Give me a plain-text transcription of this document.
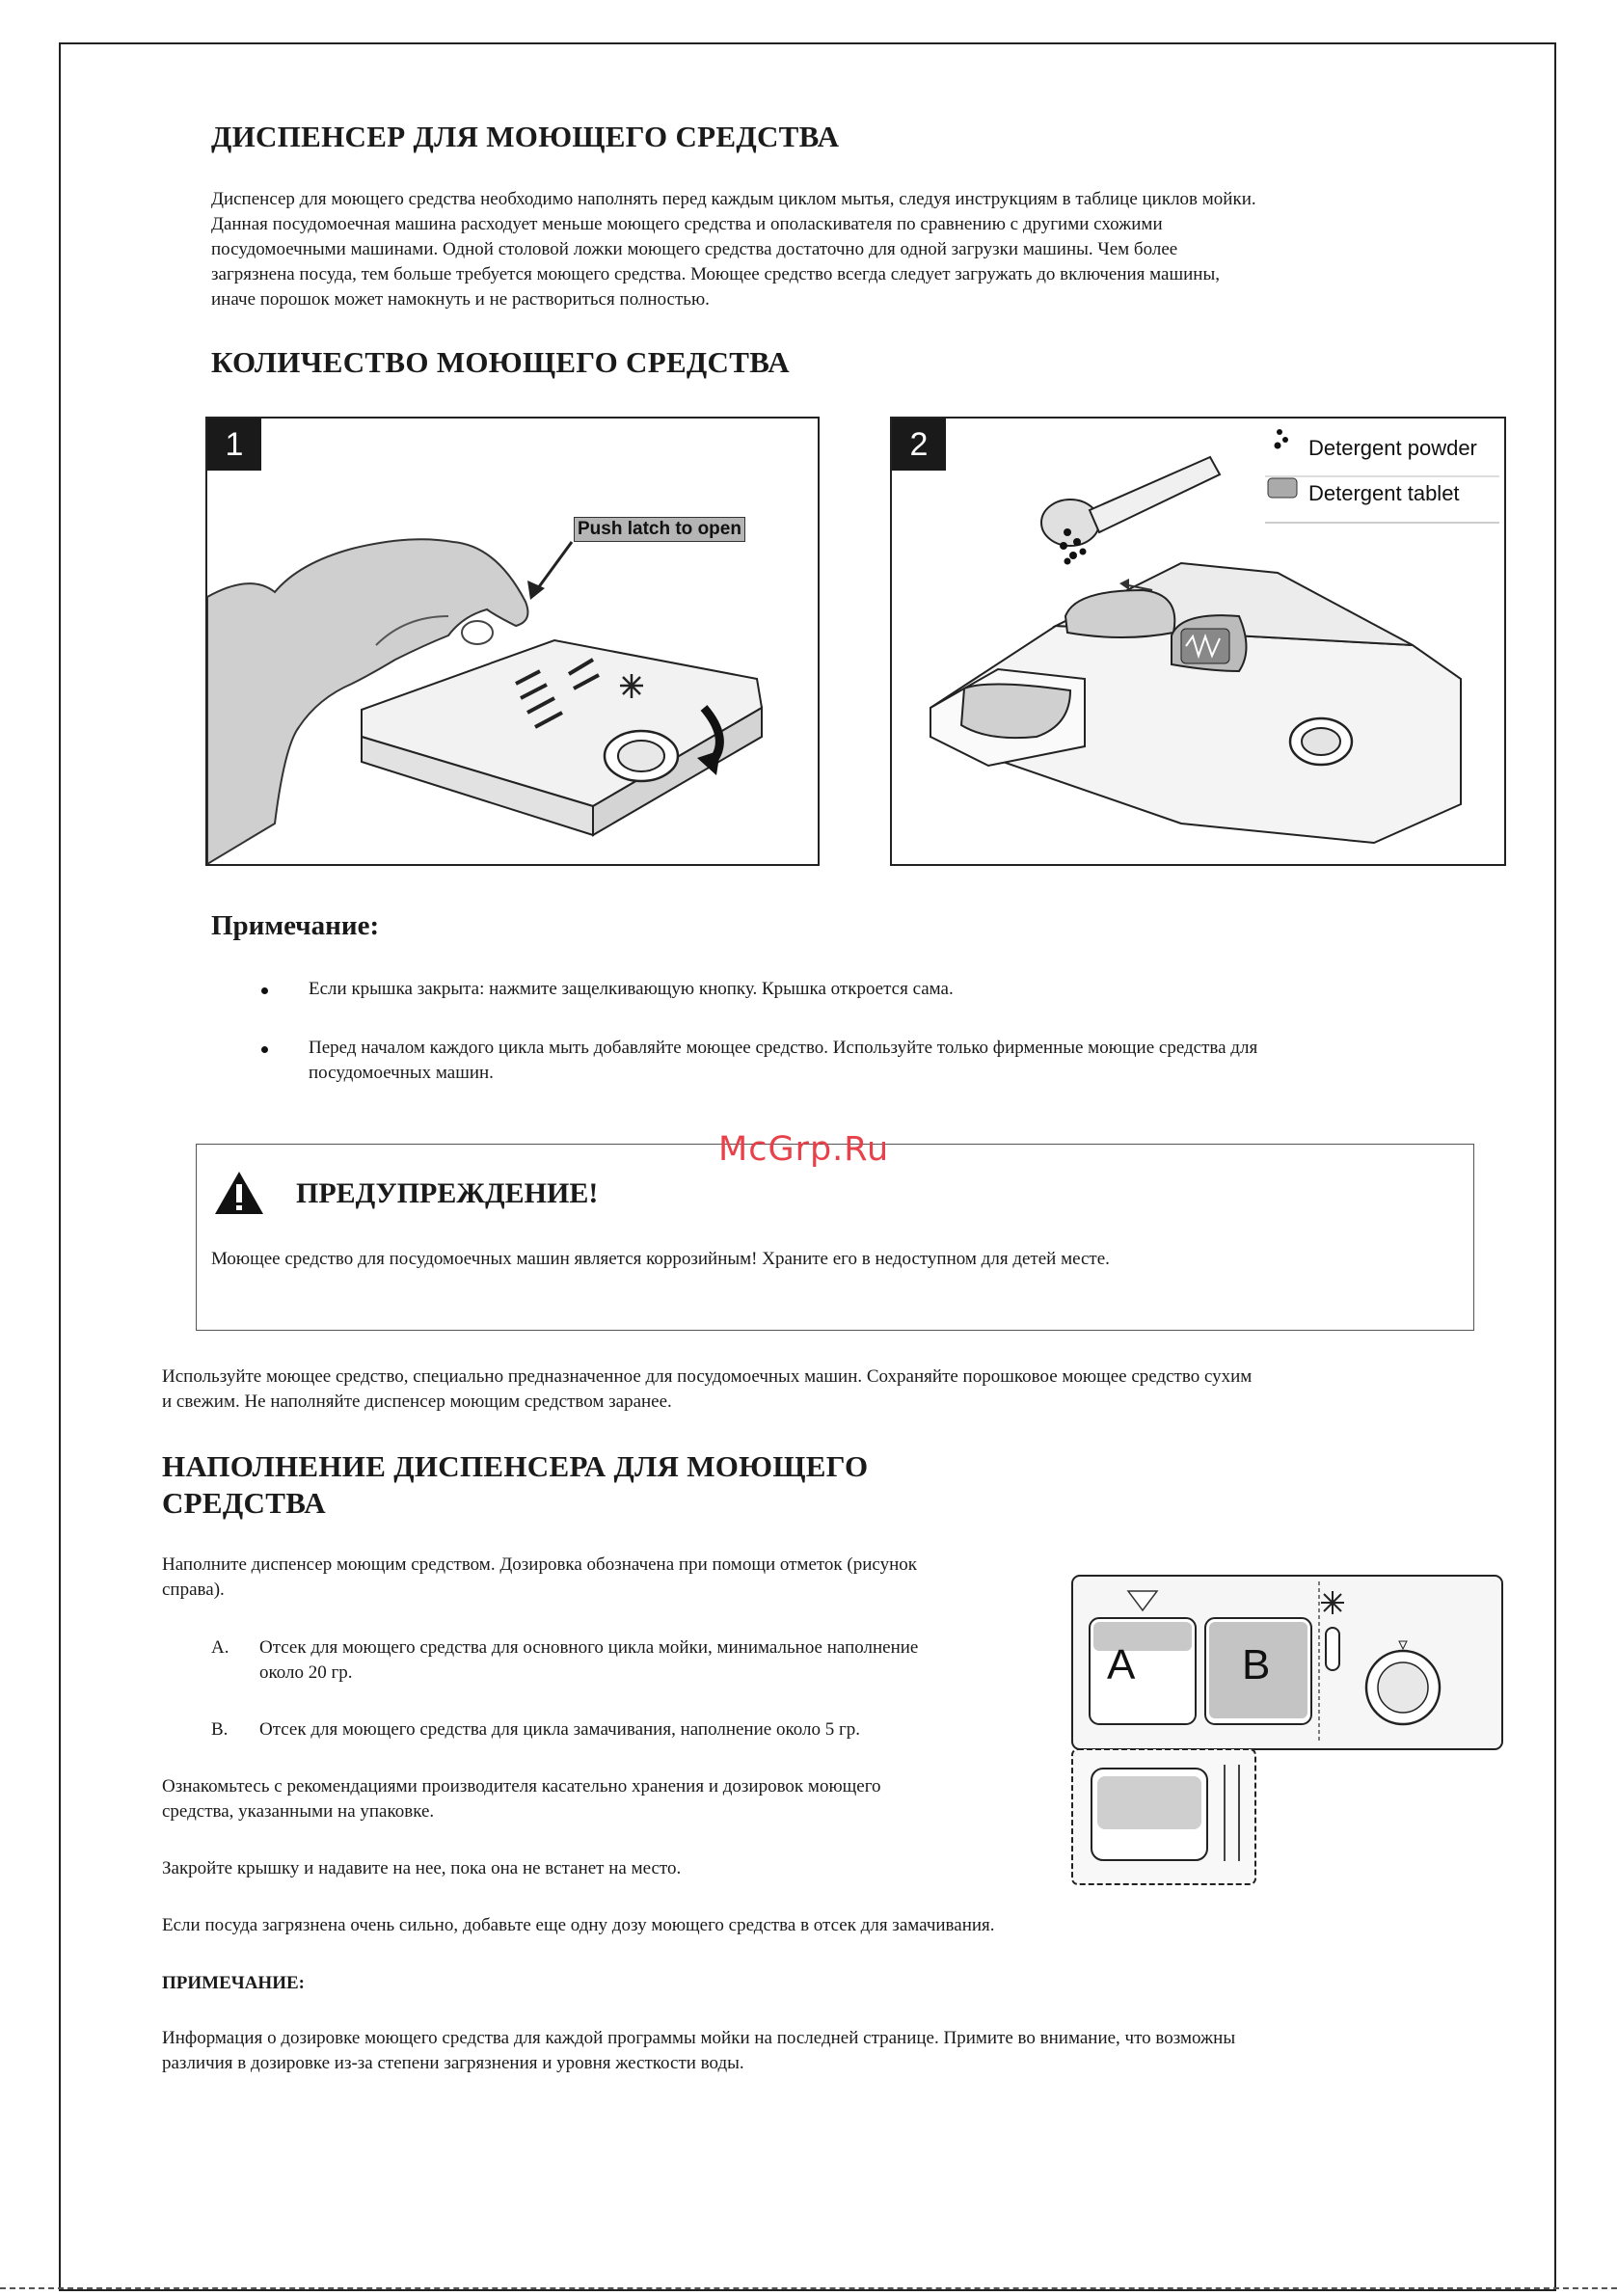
ДИСПЕНСЕР ДЛЯ МОЮЩЕГО СРЕДСТВА
Диспенсер для моющего средства необходимо наполнять перед каждым циклом мытья, следуя инструкциям в таблице циклов мойки.
Данная посудомоечная машина расходует меньше моющего средства и ополаскивателя по сравнению с другими схожими
посудомоечными машинами. Одной столовой ложки моющего средства достаточно для одной загрузки машины. Чем более
загрязнена посуда, тем больше требуется моющего средства. Моющее средство всегда следует загружать до включения машины,
иначе порошок может намокнуть и не раствориться полностью.
КОЛИЧЕСТВО МОЮЩЕГО СРЕДСТВА
1
Push latch to open
2	Detergent powder
Detergent tablet
Примечание:
Если крышка закрыта: нажмите защелкивающую кнопку. Крышка откроется сама.
Перед началом каждого цикла мыть добавляйте моющее средство. Используйте только фирменные моющие средства для
посудомоечных машин.
ПРЕДУПРЕЖДЕНИЕ!
Моющее средство для посудомоечных машин является коррозийным! Храните его в недоступном для детей месте.
McGrp.Ru
Используйте моющее средство, специально предназначенное для посудомоечных машин. Сохраняйте порошковое моющее средство сухим
и свежим. Не наполняйте диспенсер моющим средством заранее.
НАПОЛНЕНИЕ ДИСПЕНСЕРА ДЛЯ МОЮЩЕГО
СРЕДСТВА
Наполните диспенсер моющим средством. Дозировка обозначена при помощи отметок (рисунок
справа).
A. Отсек для моющего средства для основного цикла мойки, минимальное наполнение
около 20 гр.
B. Отсек для моющего средства для цикла замачивания, наполнение около 5 гр.
Ознакомьтесь с рекомендациями производителя касательно хранения и дозировок моющего
средства, указанными на упаковке.
Закройте крышку и надавите на нее, пока она не встанет на место.
Если посуда загрязнена очень сильно, добавьте еще одну дозу моющего средства в отсек для замачивания.
ПРИМЕЧАНИЕ:
Информация о дозировке моющего средства для каждой программы мойки на последней странице. Примите во внимание, что возможны
различия в дозировке из-за степени загрязнения и уровня жесткости воды.
A	B
